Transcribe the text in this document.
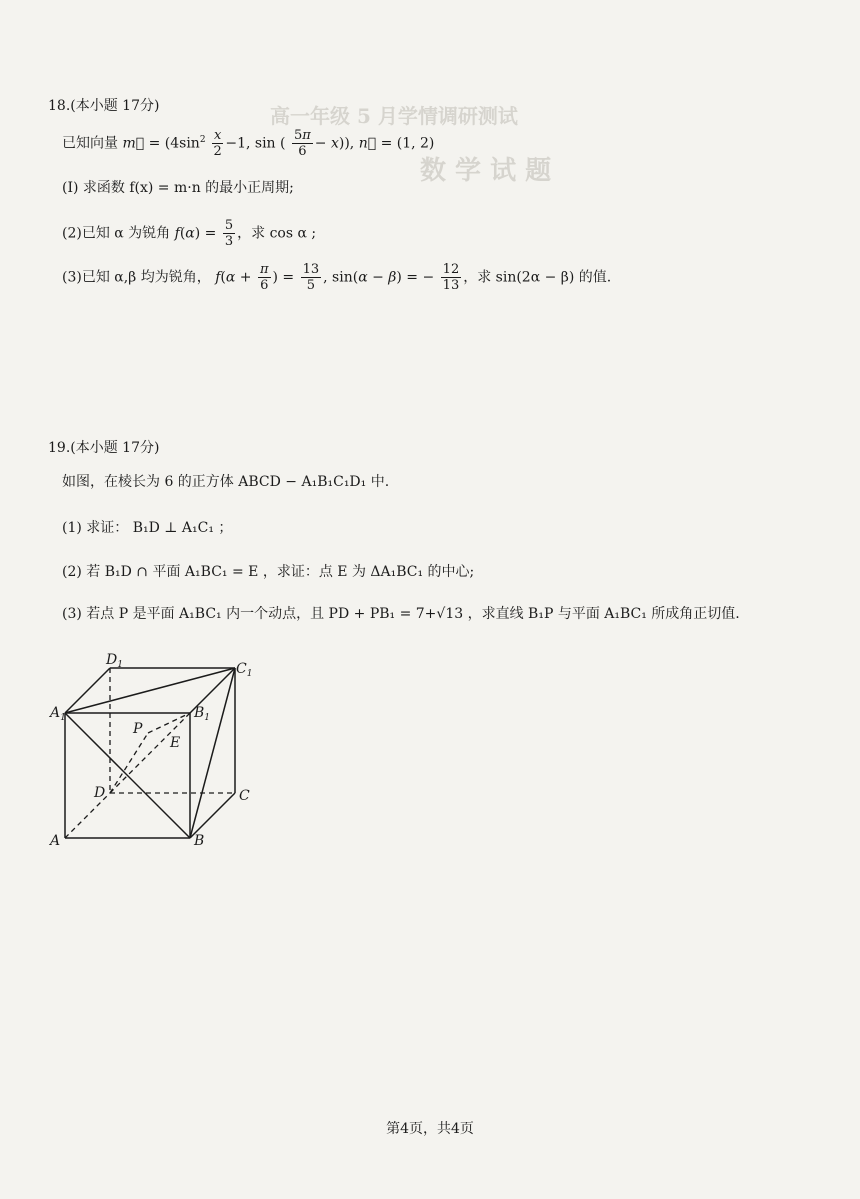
高一年级 5 月学情调研测试
数 学 试 题
18.(本小题 17分)
已知向量 m⃗ = ($4\sin^2 \frac{x}{2} -1$, sin ( $\frac{5\pi}{6} - x$)), n⃗ = (1, 2)
(I) 求函数 f(x) = m·n 的最小正周期;
(2)已知 α 为锐角 $f(\alpha) = \frac{5}{3}$ ，求 cos α ;
(3)已知 α,β 均为锐角， $f(\alpha + \frac{\pi}{6}$ ) = $\frac{13}{5}$ , sin(α − β) = − $\frac{12}{13}$ ，求 sin(2α − β) 的值.
19.(本小题 17分)
如图，在棱长为 6 的正方体 ABCD − A₁B₁C₁D₁ 中.
(1) 求证： B₁D ⊥ A₁C₁ ；
(2) 若 B₁D ∩ 平面 A₁BC₁ = E ，求证：点 E 为 ΔA₁BC₁ 的中心;
(3) 若点 P 是平面 A₁BC₁ 内一个动点，且 PD + PB₁ = 7+√13 ，求直线 B₁P 与平面 A₁BC₁ 所成角正切值.
$D_1$	$C_1$
$A_1$	$B_1$
P
E
D	C
A	B
第4页，共4页
